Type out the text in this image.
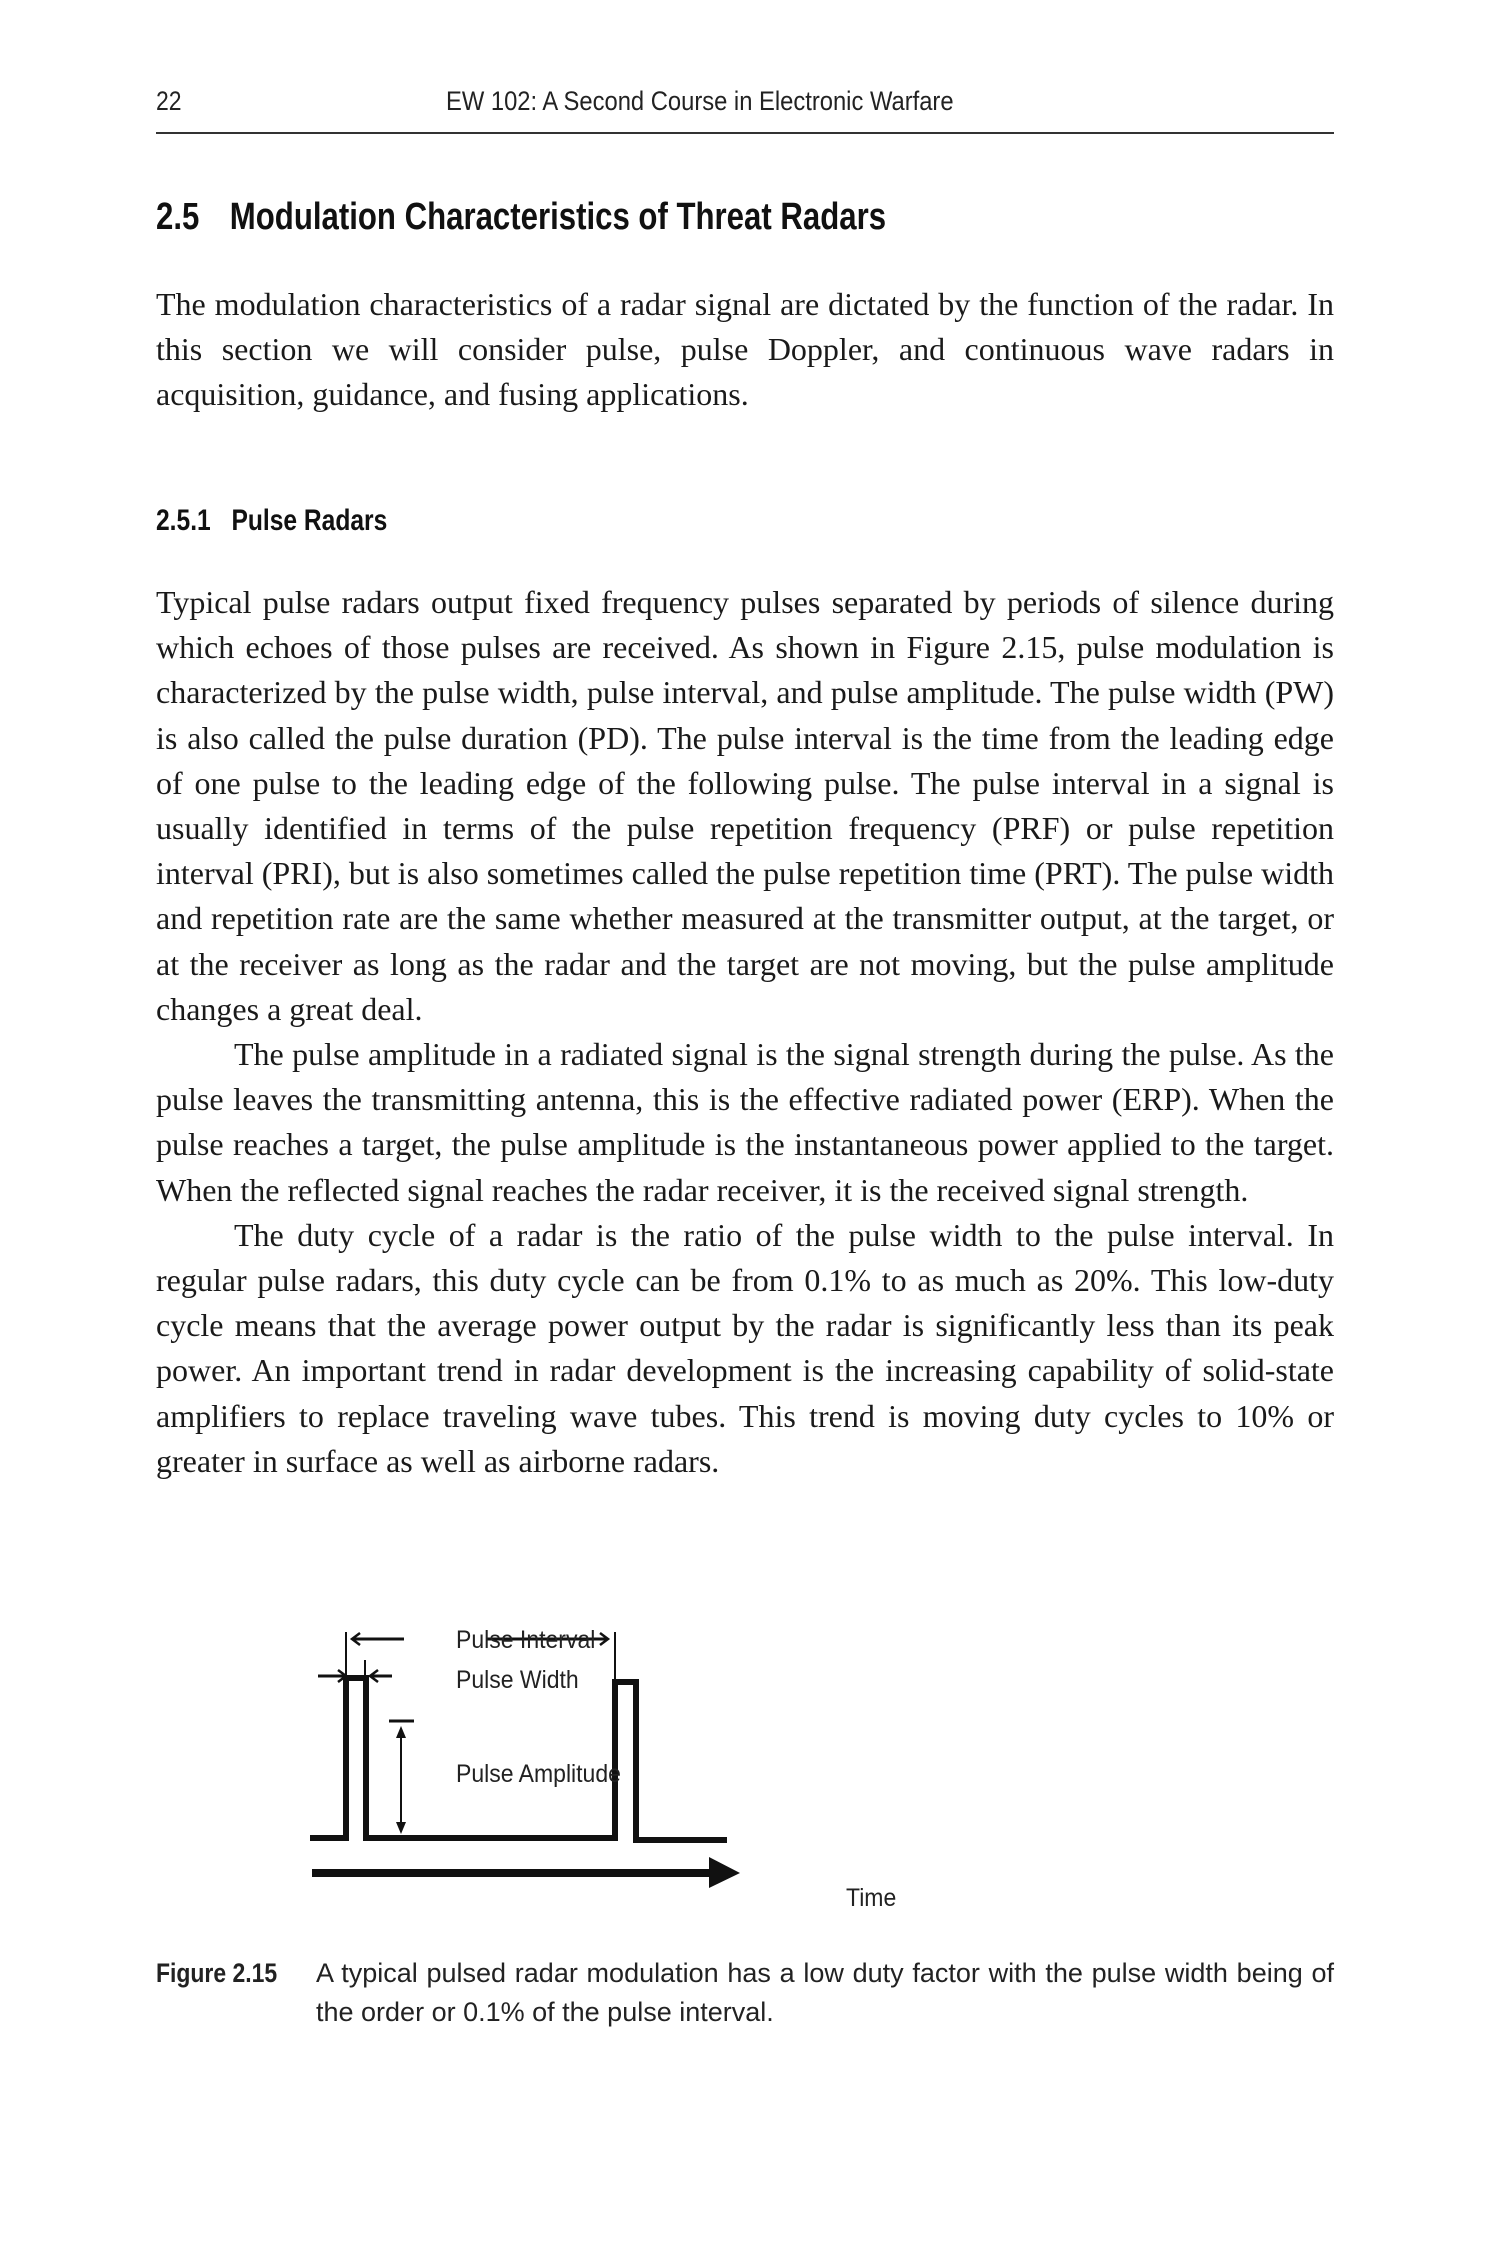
22	EW 102: A Second Course in Electronic Warfare
2.5 Modulation Characteristics of Threat Radars

The modulation characteristics of a radar signal are dictated by the function of the radar. In this section we will consider pulse, pulse Doppler, and continuous wave radars in acquisition, guidance, and fusing applications.

2.5.1 Pulse Radars

Typical pulse radars output fixed frequency pulses separated by periods of silence during which echoes of those pulses are received. As shown in Figure 2.15, pulse modulation is characterized by the pulse width, pulse interval, and pulse amplitude. The pulse width (PW) is also called the pulse duration (PD). The pulse interval is the time from the leading edge of one pulse to the leading edge of the following pulse. The pulse interval in a signal is usually identified in terms of the pulse repetition frequency (PRF) or pulse repetition interval (PRI), but is also sometimes called the pulse repetition time (PRT). The pulse width and repetition rate are the same whether measured at the transmitter output, at the target, or at the receiver as long as the radar and the target are not moving, but the pulse amplitude changes a great deal.

The pulse amplitude in a radiated signal is the signal strength during the pulse. As the pulse leaves the transmitting antenna, this is the effective radiated power (ERP). When the pulse reaches a target, the pulse amplitude is the instantaneous power applied to the target. When the reflected signal reaches the radar receiver, it is the received signal strength.

The duty cycle of a radar is the ratio of the pulse width to the pulse interval. In regular pulse radars, this duty cycle can be from 0.1% to as much as 20%. This low-duty cycle means that the average power output by the radar is significantly less than its peak power. An important trend in radar development is the increasing capability of solid-state amplifiers to replace traveling wave tubes. This trend is moving duty cycles to 10% or greater in surface as well as airborne radars.

Pulse Interval
Pulse Width
Pulse Amplitude
Time
Figure 2.15 A typical pulsed radar modulation has a low duty factor with the pulse width being of the order or 0.1% of the pulse interval.
